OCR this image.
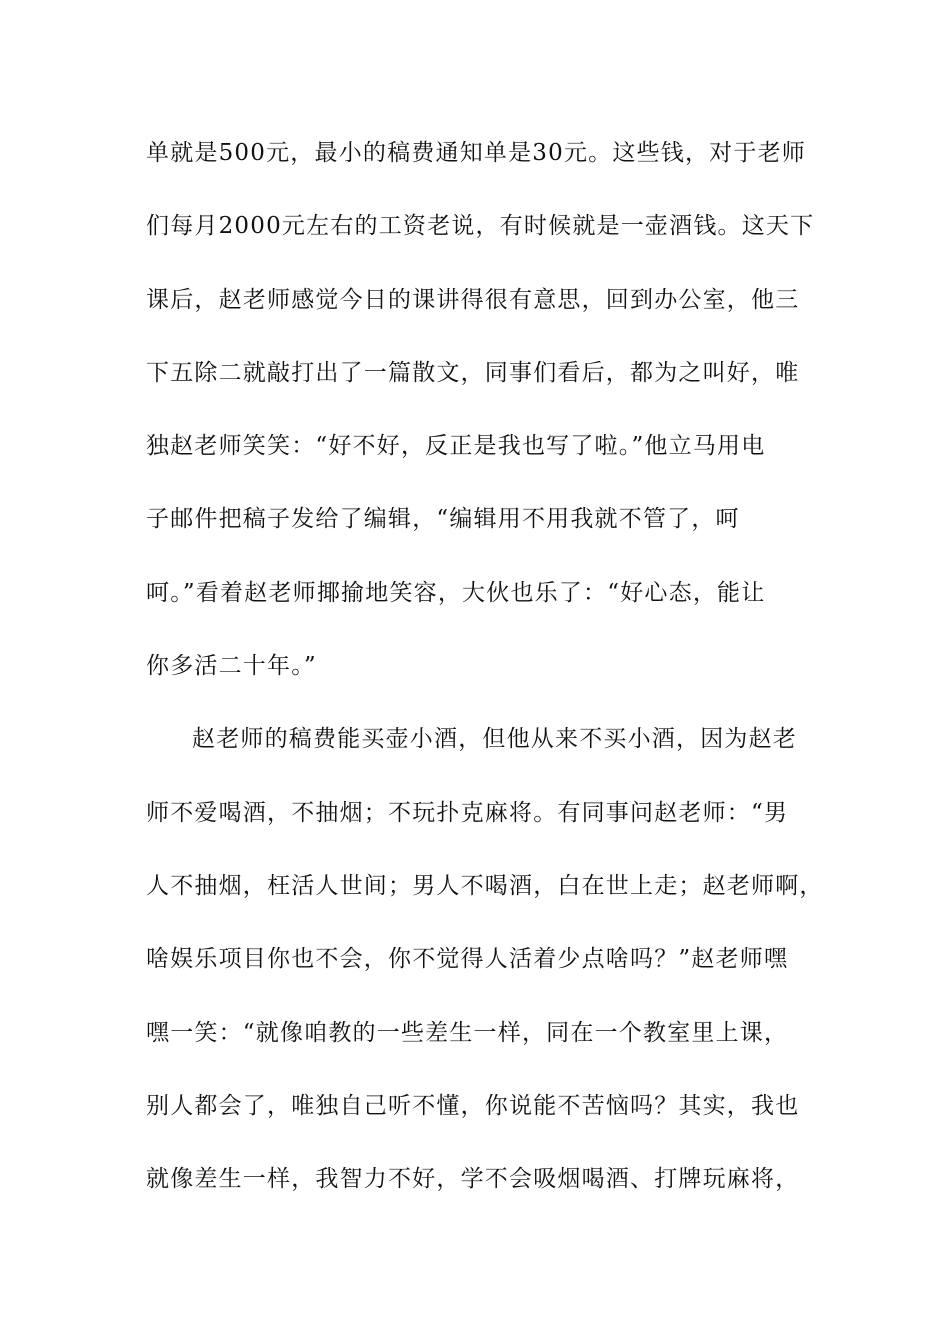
单就是500元，最小的稿费通知单是30元。这些钱，对于老师
们每月2000元左右的工资老说，有时候就是一壶酒钱。这天下
课后，赵老师感觉今日的课讲得很有意思，回到办公室，他三
下五除二就敲打出了一篇散文，同事们看后，都为之叫好，唯
独赵老师笑笑：“好不好，反正是我也写了啦。”他立马用电
子邮件把稿子发给了编辑，“编辑用不用我就不管了，呵
呵。”看着赵老师揶揄地笑容，大伙也乐了：“好心态，能让
你多活二十年。”
赵老师的稿费能买壶小酒，但他从来不买小酒，因为赵老
师不爱喝酒，不抽烟；不玩扑克麻将。有同事问赵老师：“男
人不抽烟，枉活人世间；男人不喝酒，白在世上走；赵老师啊，
啥娱乐项目你也不会，你不觉得人活着少点啥吗？”赵老师嘿
嘿一笑：“就像咱教的一些差生一样，同在一个教室里上课，
别人都会了，唯独自己听不懂，你说能不苦恼吗？其实，我也
就像差生一样，我智力不好，学不会吸烟喝酒、打牌玩麻将，
